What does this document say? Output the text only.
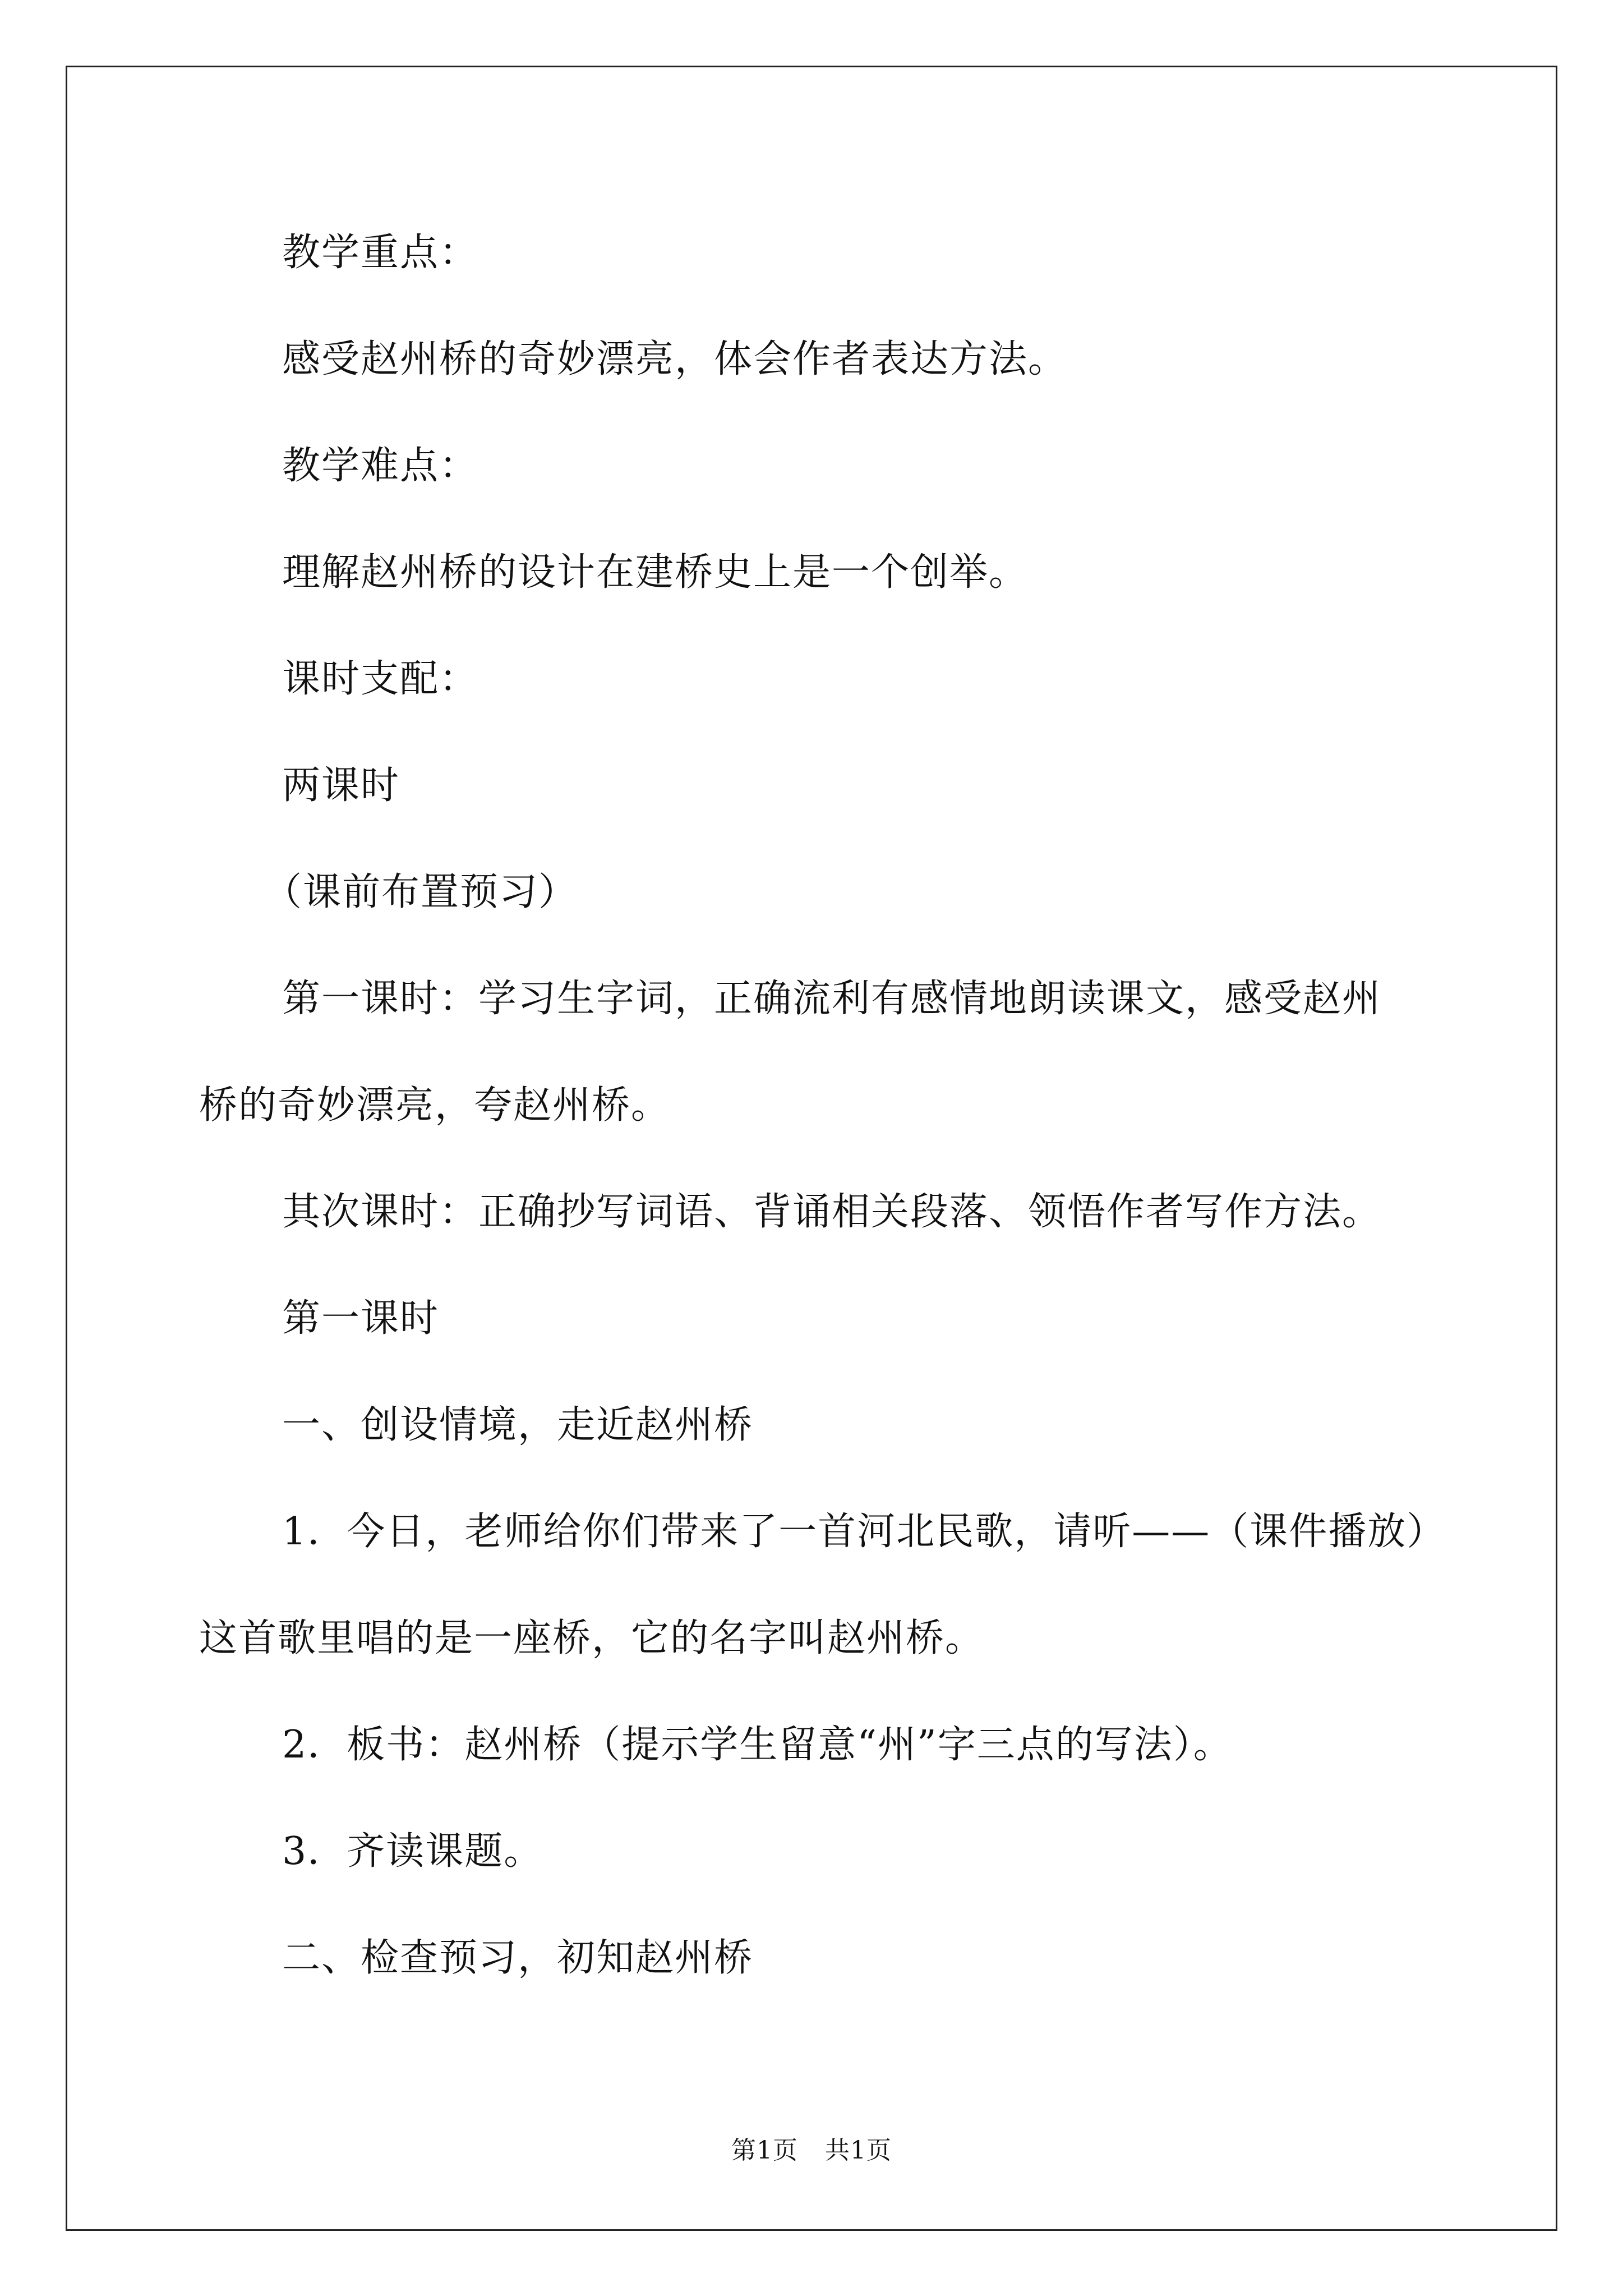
教学重点：

感受赵州桥的奇妙漂亮，体会作者表达方法。

教学难点：

理解赵州桥的设计在建桥史上是一个创举。

课时支配：

两课时

（课前布置预习）

第一课时：学习生字词，正确流利有感情地朗读课文，感受赵州

桥的奇妙漂亮，夸赵州桥。

其次课时：正确抄写词语、背诵相关段落、领悟作者写作方法。

第一课时

一、创设情境，走近赵州桥

1．今日，老师给你们带来了一首河北民歌，请听——（课件播放）

这首歌里唱的是一座桥，它的名字叫赵州桥。

2．板书：赵州桥（提示学生留意“州”字三点的写法）。

3．齐读课题。

二、检查预习，初知赵州桥

第1页 共1页
